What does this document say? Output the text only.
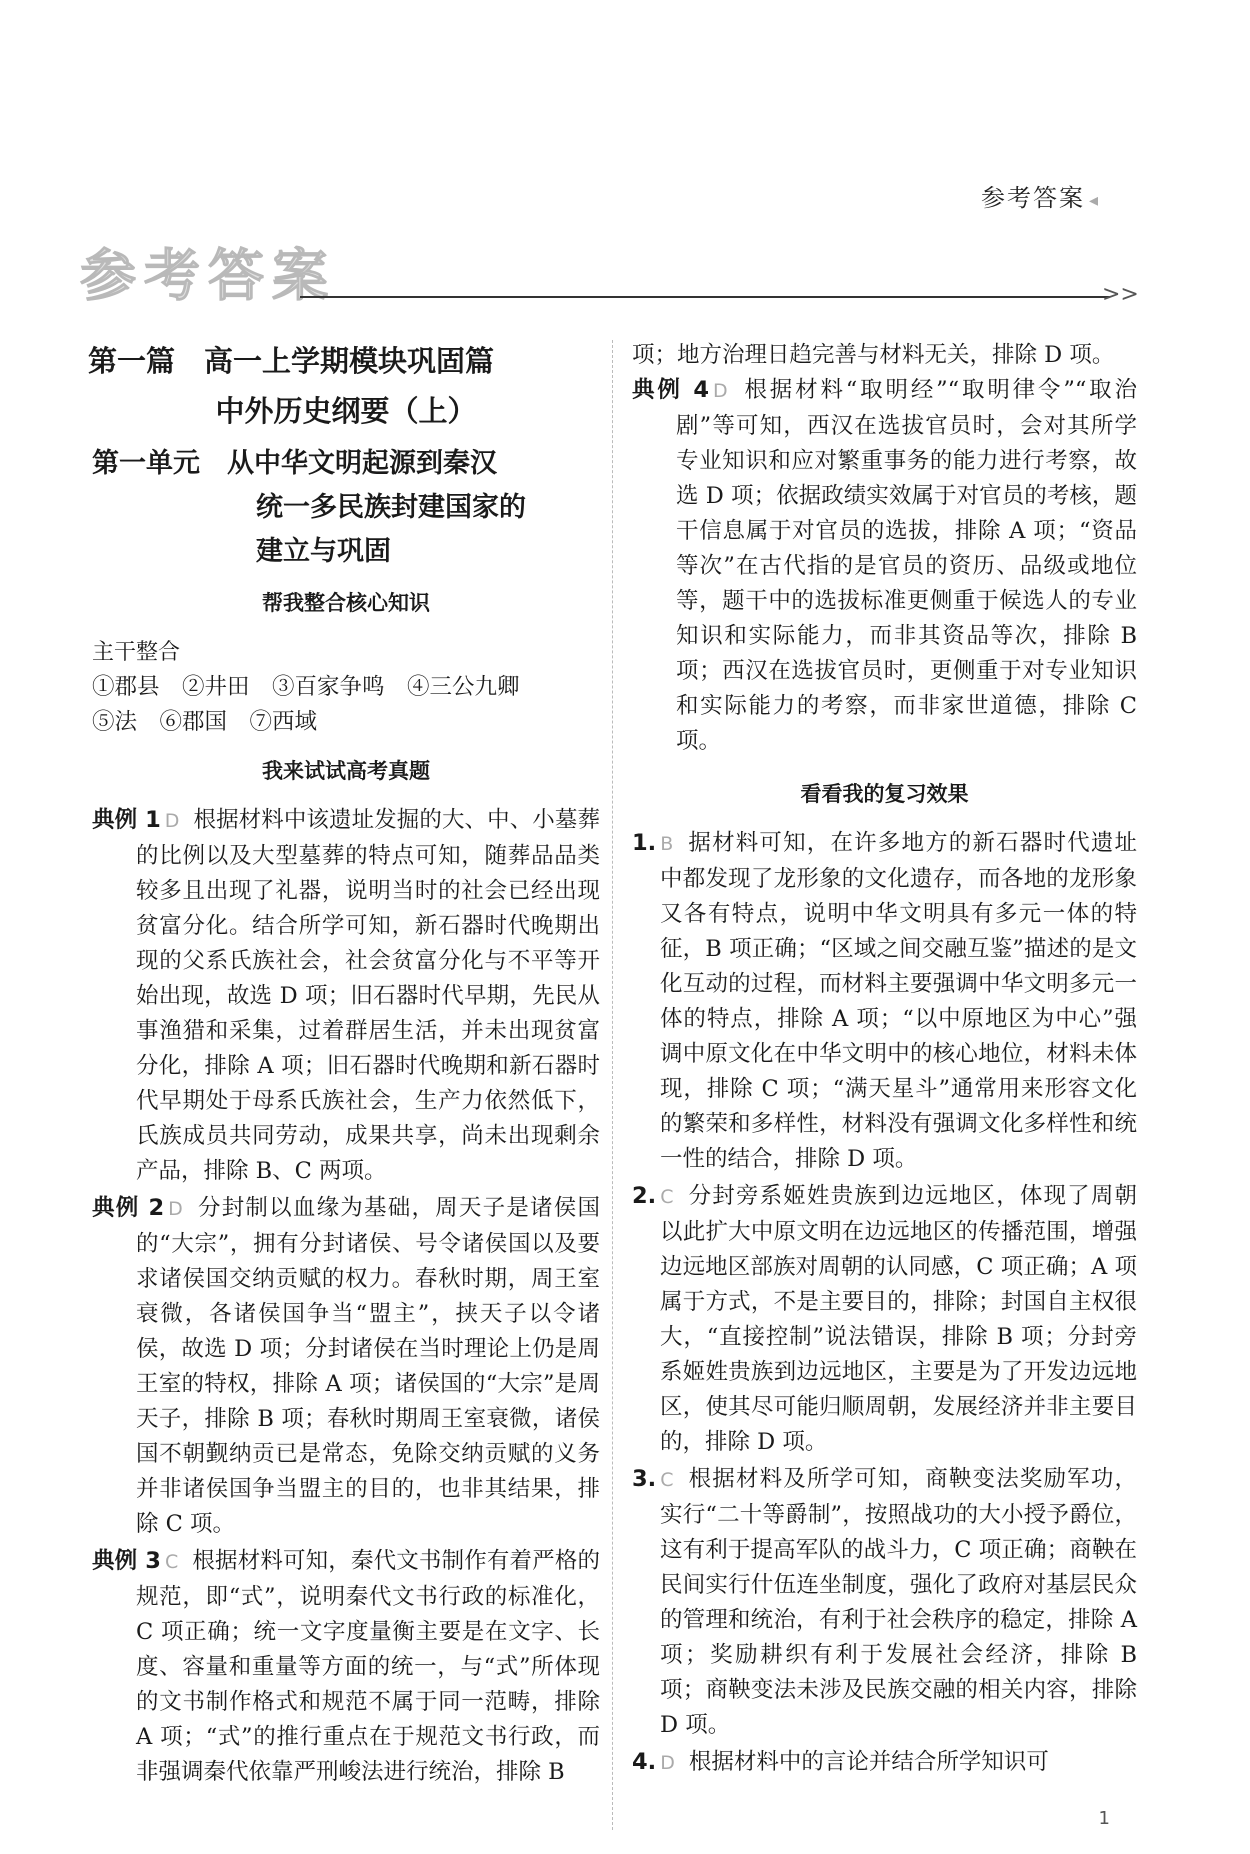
参考答案 ◂
参考答案	>>
第一篇　高一上学期模块巩固篇
中外历史纲要（上）
第一单元　从中华文明起源到秦汉
统一多民族封建国家的
建立与巩固
帮我整合核心知识
主干整合
①郡县　②井田　③百家争鸣　④三公九卿
⑤法　⑥郡国　⑦西域
我来试试高考真题
典例 1 D 根据材料中该遗址发掘的大、中、小墓葬的比例以及大型墓葬的特点可知，随葬品品类较多且出现了礼器，说明当时的社会已经出现贫富分化。结合所学可知，新石器时代晚期出现的父系氏族社会，社会贫富分化与不平等开始出现，故选 D 项；旧石器时代早期，先民从事渔猎和采集，过着群居生活，并未出现贫富分化，排除 A 项；旧石器时代晚期和新石器时代早期处于母系氏族社会，生产力依然低下，氏族成员共同劳动，成果共享，尚未出现剩余产品，排除 B、C 两项。
典例 2 D 分封制以血缘为基础，周天子是诸侯国的“大宗”，拥有分封诸侯、号令诸侯国以及要求诸侯国交纳贡赋的权力。春秋时期，周王室衰微，各诸侯国争当“盟主”，挟天子以令诸侯，故选 D 项；分封诸侯在当时理论上仍是周王室的特权，排除 A 项；诸侯国的“大宗”是周天子，排除 B 项；春秋时期周王室衰微，诸侯国不朝觐纳贡已是常态，免除交纳贡赋的义务并非诸侯国争当盟主的目的，也非其结果，排除 C 项。
典例 3 C 根据材料可知，秦代文书制作有着严格的规范，即“式”，说明秦代文书行政的标准化，C 项正确；统一文字度量衡主要是在文字、长度、容量和重量等方面的统一，与“式”所体现的文书制作格式和规范不属于同一范畴，排除 A 项；“式”的推行重点在于规范文书行政，而非强调秦代依靠严刑峻法进行统治，排除 B
项；地方治理日趋完善与材料无关，排除 D 项。
典例 4 D 根据材料“取明经”“取明律令”“取治剧”等可知，西汉在选拔官员时，会对其所学专业知识和应对繁重事务的能力进行考察，故选 D 项；依据政绩实效属于对官员的考核，题干信息属于对官员的选拔，排除 A 项；“资品等次”在古代指的是官员的资历、品级或地位等，题干中的选拔标准更侧重于候选人的专业知识和实际能力，而非其资品等次，排除 B 项；西汉在选拔官员时，更侧重于对专业知识和实际能力的考察，而非家世道德，排除 C 项。
看看我的复习效果
1. B 据材料可知，在许多地方的新石器时代遗址中都发现了龙形象的文化遗存，而各地的龙形象又各有特点，说明中华文明具有多元一体的特征，B 项正确；“区域之间交融互鉴”描述的是文化互动的过程，而材料主要强调中华文明多元一体的特点，排除 A 项；“以中原地区为中心”强调中原文化在中华文明中的核心地位，材料未体现，排除 C 项；“满天星斗”通常用来形容文化的繁荣和多样性，材料没有强调文化多样性和统一性的结合，排除 D 项。
2. C 分封旁系姬姓贵族到边远地区，体现了周朝以此扩大中原文明在边远地区的传播范围，增强边远地区部族对周朝的认同感，C 项正确；A 项属于方式，不是主要目的，排除；封国自主权很大，“直接控制”说法错误，排除 B 项；分封旁系姬姓贵族到边远地区，主要是为了开发边远地区，使其尽可能归顺周朝，发展经济并非主要目的，排除 D 项。
3. C 根据材料及所学可知，商鞅变法奖励军功，实行“二十等爵制”，按照战功的大小授予爵位，这有利于提高军队的战斗力，C 项正确；商鞅在民间实行什伍连坐制度，强化了政府对基层民众的管理和统治，有利于社会秩序的稳定，排除 A 项；奖励耕织有利于发展社会经济，排除 B 项；商鞅变法未涉及民族交融的相关内容，排除 D 项。
4. D 根据材料中的言论并结合所学知识可
1
